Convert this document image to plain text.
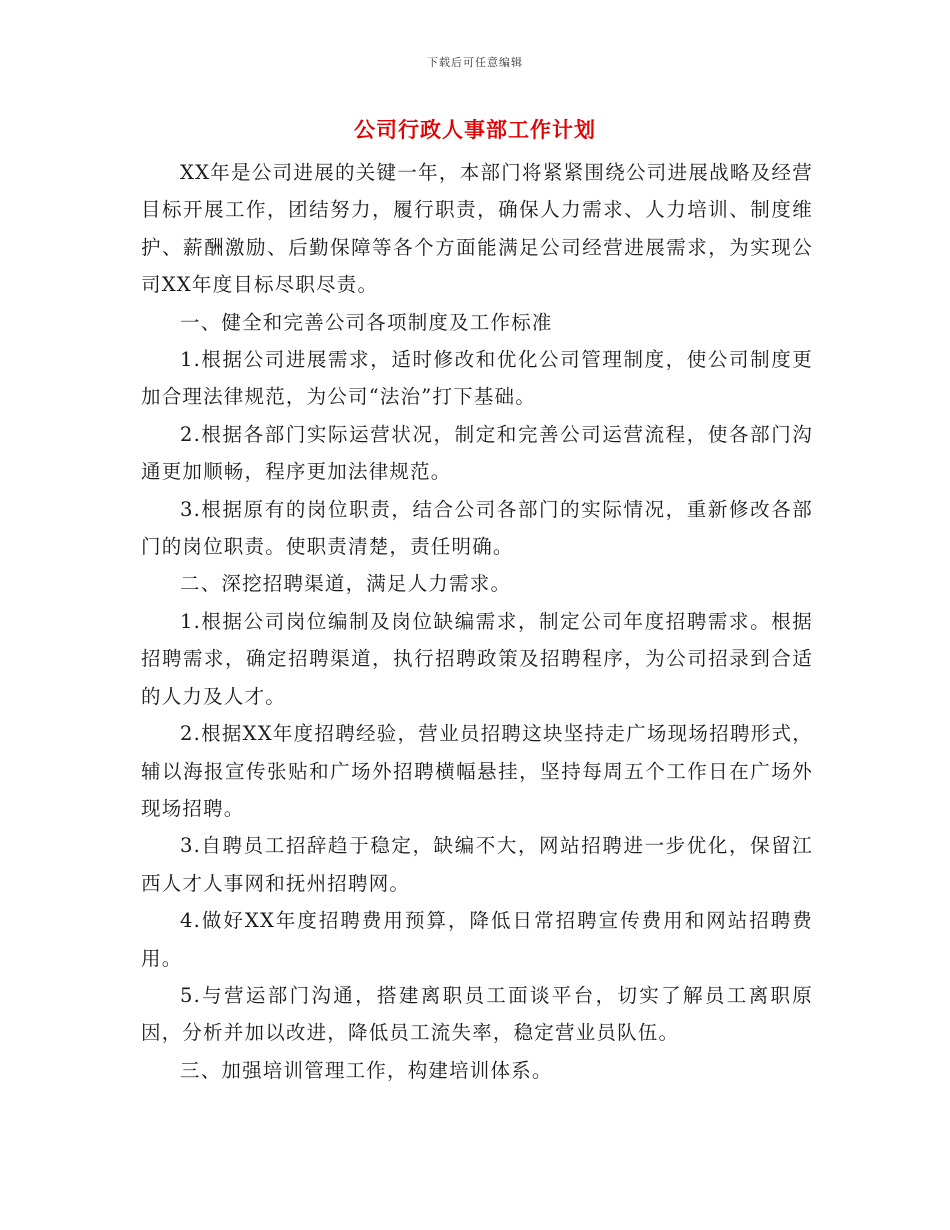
下载后可任意编辑
公司行政人事部工作计划

XX年是公司进展的关键一年，本部门将紧紧围绕公司进展战略及经营目标开展工作，团结努力，履行职责，确保人力需求、人力培训、制度维护、薪酬激励、后勤保障等各个方面能满足公司经营进展需求，为实现公司XX年度目标尽职尽责。

一、健全和完善公司各项制度及工作标准

1.根据公司进展需求，适时修改和优化公司管理制度，使公司制度更加合理法律规范，为公司“法治”打下基础。

2.根据各部门实际运营状况，制定和完善公司运营流程，使各部门沟通更加顺畅，程序更加法律规范。

3.根据原有的岗位职责，结合公司各部门的实际情况，重新修改各部门的岗位职责。使职责清楚，责任明确。

二、深挖招聘渠道，满足人力需求。

1.根据公司岗位编制及岗位缺编需求，制定公司年度招聘需求。根据招聘需求，确定招聘渠道，执行招聘政策及招聘程序，为公司招录到合适的人力及人才。

2.根据XX年度招聘经验，营业员招聘这块坚持走广场现场招聘形式，辅以海报宣传张贴和广场外招聘横幅悬挂，坚持每周五个工作日在广场外现场招聘。

3.自聘员工招辞趋于稳定，缺编不大，网站招聘进一步优化，保留江西人才人事网和抚州招聘网。

4.做好XX年度招聘费用预算，降低日常招聘宣传费用和网站招聘费用。

5.与营运部门沟通，搭建离职员工面谈平台，切实了解员工离职原因，分析并加以改进，降低员工流失率，稳定营业员队伍。

三、加强培训管理工作，构建培训体系。
